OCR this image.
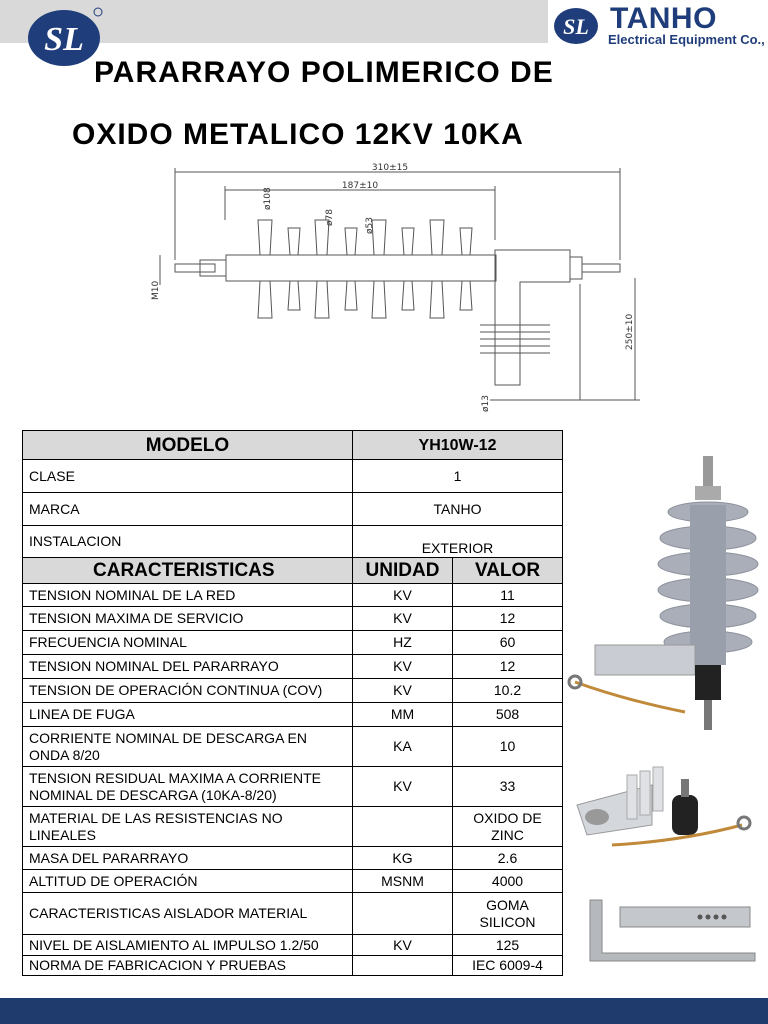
SL	SL TANHO
Electrical Equipment Co.,
PARARRAYO POLIMERICO DE
OXIDO METALICO 12KV 10KA
310±15
187±10
ø108
ø78	ø53
M10
250±10
ø13
MODELO	YH10W-12	
CLASE	1	
MARCA	TANHO	
INSTALACION	EXTERIOR	
CARACTERISTICAS	UNIDAD	VALOR
TENSION NOMINAL DE LA RED	KV	11
TENSION MAXIMA DE SERVICIO	KV	12
FRECUENCIA NOMINAL	HZ	60
TENSION NOMINAL DEL PARARRAYO	KV	12
TENSION DE OPERACIÓN CONTINUA (COV)	KV	10.2
LINEA DE FUGA	MM	508
CORRIENTE NOMINAL DE DESCARGA EN ONDA 8/20	KA	10
TENSION RESIDUAL MAXIMA A CORRIENTE NOMINAL DE DESCARGA (10KA-8/20)	KV	33
MATERIAL DE LAS RESISTENCIAS NO LINEALES		OXIDO DE ZINC
MASA DEL PARARRAYO	KG	2.6
ALTITUD DE OPERACIÓN	MSNM	4000
CARACTERISTICAS AISLADOR MATERIAL		GOMA SILICON
NIVEL DE AISLAMIENTO AL IMPULSO 1.2/50	KV	125
NORMA DE FABRICACION Y PRUEBAS		IEC 6009-4
